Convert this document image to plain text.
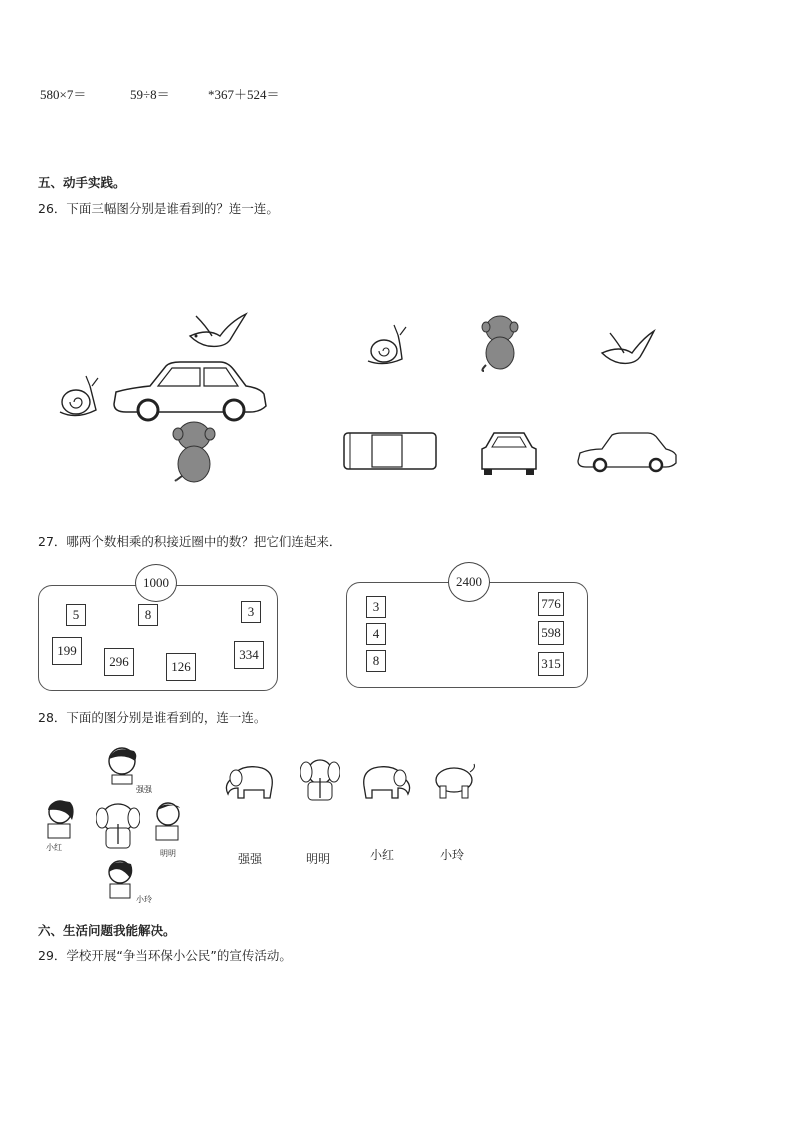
580×7＝	59÷8＝	*367＋524＝
五、动手实践。
26．下面三幅图分别是谁看到的？连一连。
27．哪两个数相乘的积接近圈中的数？把它们连起来．
1000
5	8	3
199
296	126
334
2400
3
4
8
776
598
315
28．下面的图分别是谁看到的，连一连。
强强
小红
明明
小玲
强强	明明	小红	小玲
六、生活问题我能解决。
29．学校开展“争当环保小公民”的宣传活动。
